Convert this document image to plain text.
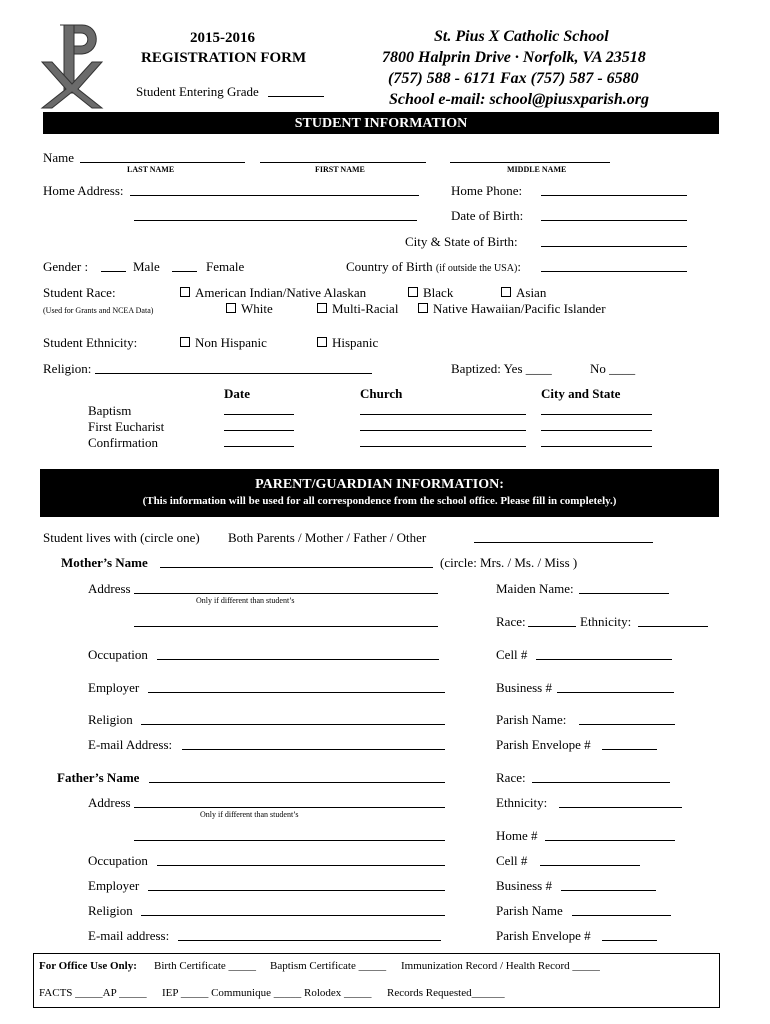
2015-2016
REGISTRATION FORM
Student Entering Grade
St. Pius X Catholic School
7800 Halprin Drive · Norfolk, VA 23518
(757) 588 - 6171 Fax (757) 587 - 6580
School e-mail: school@piusxparish.org
STUDENT INFORMATION
Name
LAST NAME	FIRST NAME	MIDDLE NAME
Home Address:	Home Phone:
Date of Birth:
City & State of Birth:
Gender :	Male	Female	Country of Birth (if outside the USA):
Student Race:
(Used for Grants and NCEA Data)
American Indian/Native Alaskan	Black	Asian
White	Multi-Racial	Native Hawaiian/Pacific Islander
Student Ethnicity:	Non Hispanic	Hispanic
Religion:	Baptized: Yes ____	No ____
Date	Church	City and State
Baptism
First Eucharist
Confirmation
PARENT/GUARDIAN INFORMATION:
(This information will be used for all correspondence from the school office. Please fill in completely.)
Student lives with (circle one) Both Parents / Mother / Father / Other
Mother’s Name	(circle: Mrs. / Ms. / Miss )
Address
Only if different than student’s
Maiden Name:
Race:	Ethnicity:
Occupation	Cell #
Employer	Business #
Religion	Parish Name:
E-mail Address:	Parish Envelope #
Father’s Name	Race:
Address
Only if different than student’s
Ethnicity:
Home #
Occupation	Cell #
Employer	Business #
Religion	Parish Name
E-mail address:	Parish Envelope #
For Office Use Only: Birth Certificate _____ Baptism Certificate _____ Immunization Record / Health Record _____
FACTS _____AP _____ IEP _____ Communique _____ Rolodex _____ Records Requested______
